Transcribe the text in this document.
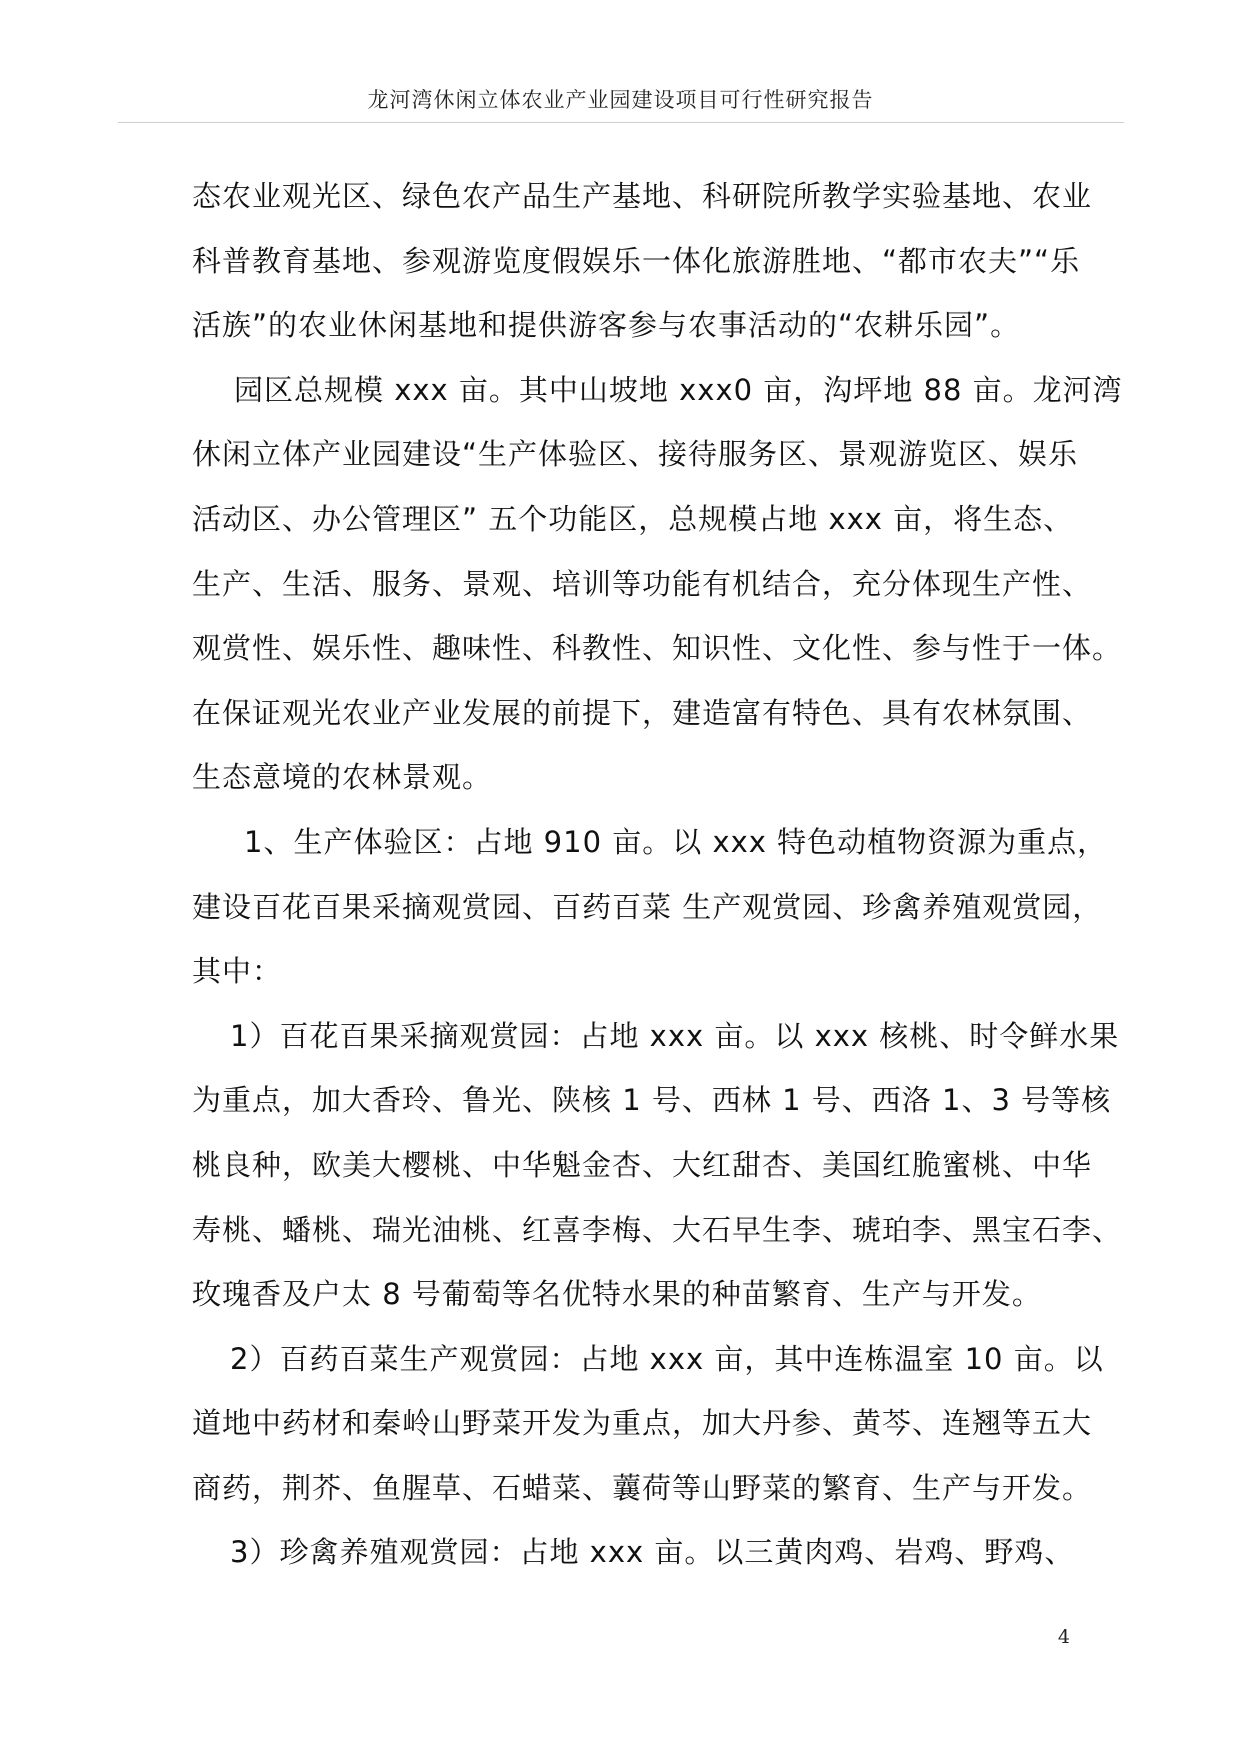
龙河湾休闲立体农业产业园建设项目可行性研究报告
态农业观光区、绿色农产品生产基地、科研院所教学实验基地、农业
科普教育基地、参观游览度假娱乐一体化旅游胜地、“都市农夫”“乐
活族”的农业休闲基地和提供游客参与农事活动的“农耕乐园”。
园区总规模 xxx 亩。其中山坡地 xxx0 亩，沟坪地 88 亩。龙河湾
休闲立体产业园建设“生产体验区、接待服务区、景观游览区、娱乐
活动区、办公管理区” 五个功能区，总规模占地 xxx 亩，将生态、
生产、生活、服务、景观、培训等功能有机结合，充分体现生产性、
观赏性、娱乐性、趣味性、科教性、知识性、文化性、参与性于一体。
在保证观光农业产业发展的前提下，建造富有特色、具有农林氛围、
生态意境的农林景观。
1、生产体验区：占地 910 亩。以 xxx 特色动植物资源为重点，
建设百花百果采摘观赏园、百药百菜 生产观赏园、珍禽养殖观赏园，
其中：
1）百花百果采摘观赏园：占地 xxx 亩。以 xxx 核桃、时令鲜水果
为重点，加大香玲、鲁光、陕核 1 号、西林 1 号、西洛 1、3 号等核
桃良种，欧美大樱桃、中华魁金杏、大红甜杏、美国红脆蜜桃、中华
寿桃、蟠桃、瑞光油桃、红喜李梅、大石早生李、琥珀李、黑宝石李、
玫瑰香及户太 8 号葡萄等名优特水果的种苗繁育、生产与开发。
2）百药百菜生产观赏园：占地 xxx 亩，其中连栋温室 10 亩。以
道地中药材和秦岭山野菜开发为重点，加大丹参、黄芩、连翘等五大
商药，荆芥、鱼腥草、石蜡菜、蘘荷等山野菜的繁育、生产与开发。
3）珍禽养殖观赏园：占地 xxx 亩。以三黄肉鸡、岩鸡、野鸡、
4
